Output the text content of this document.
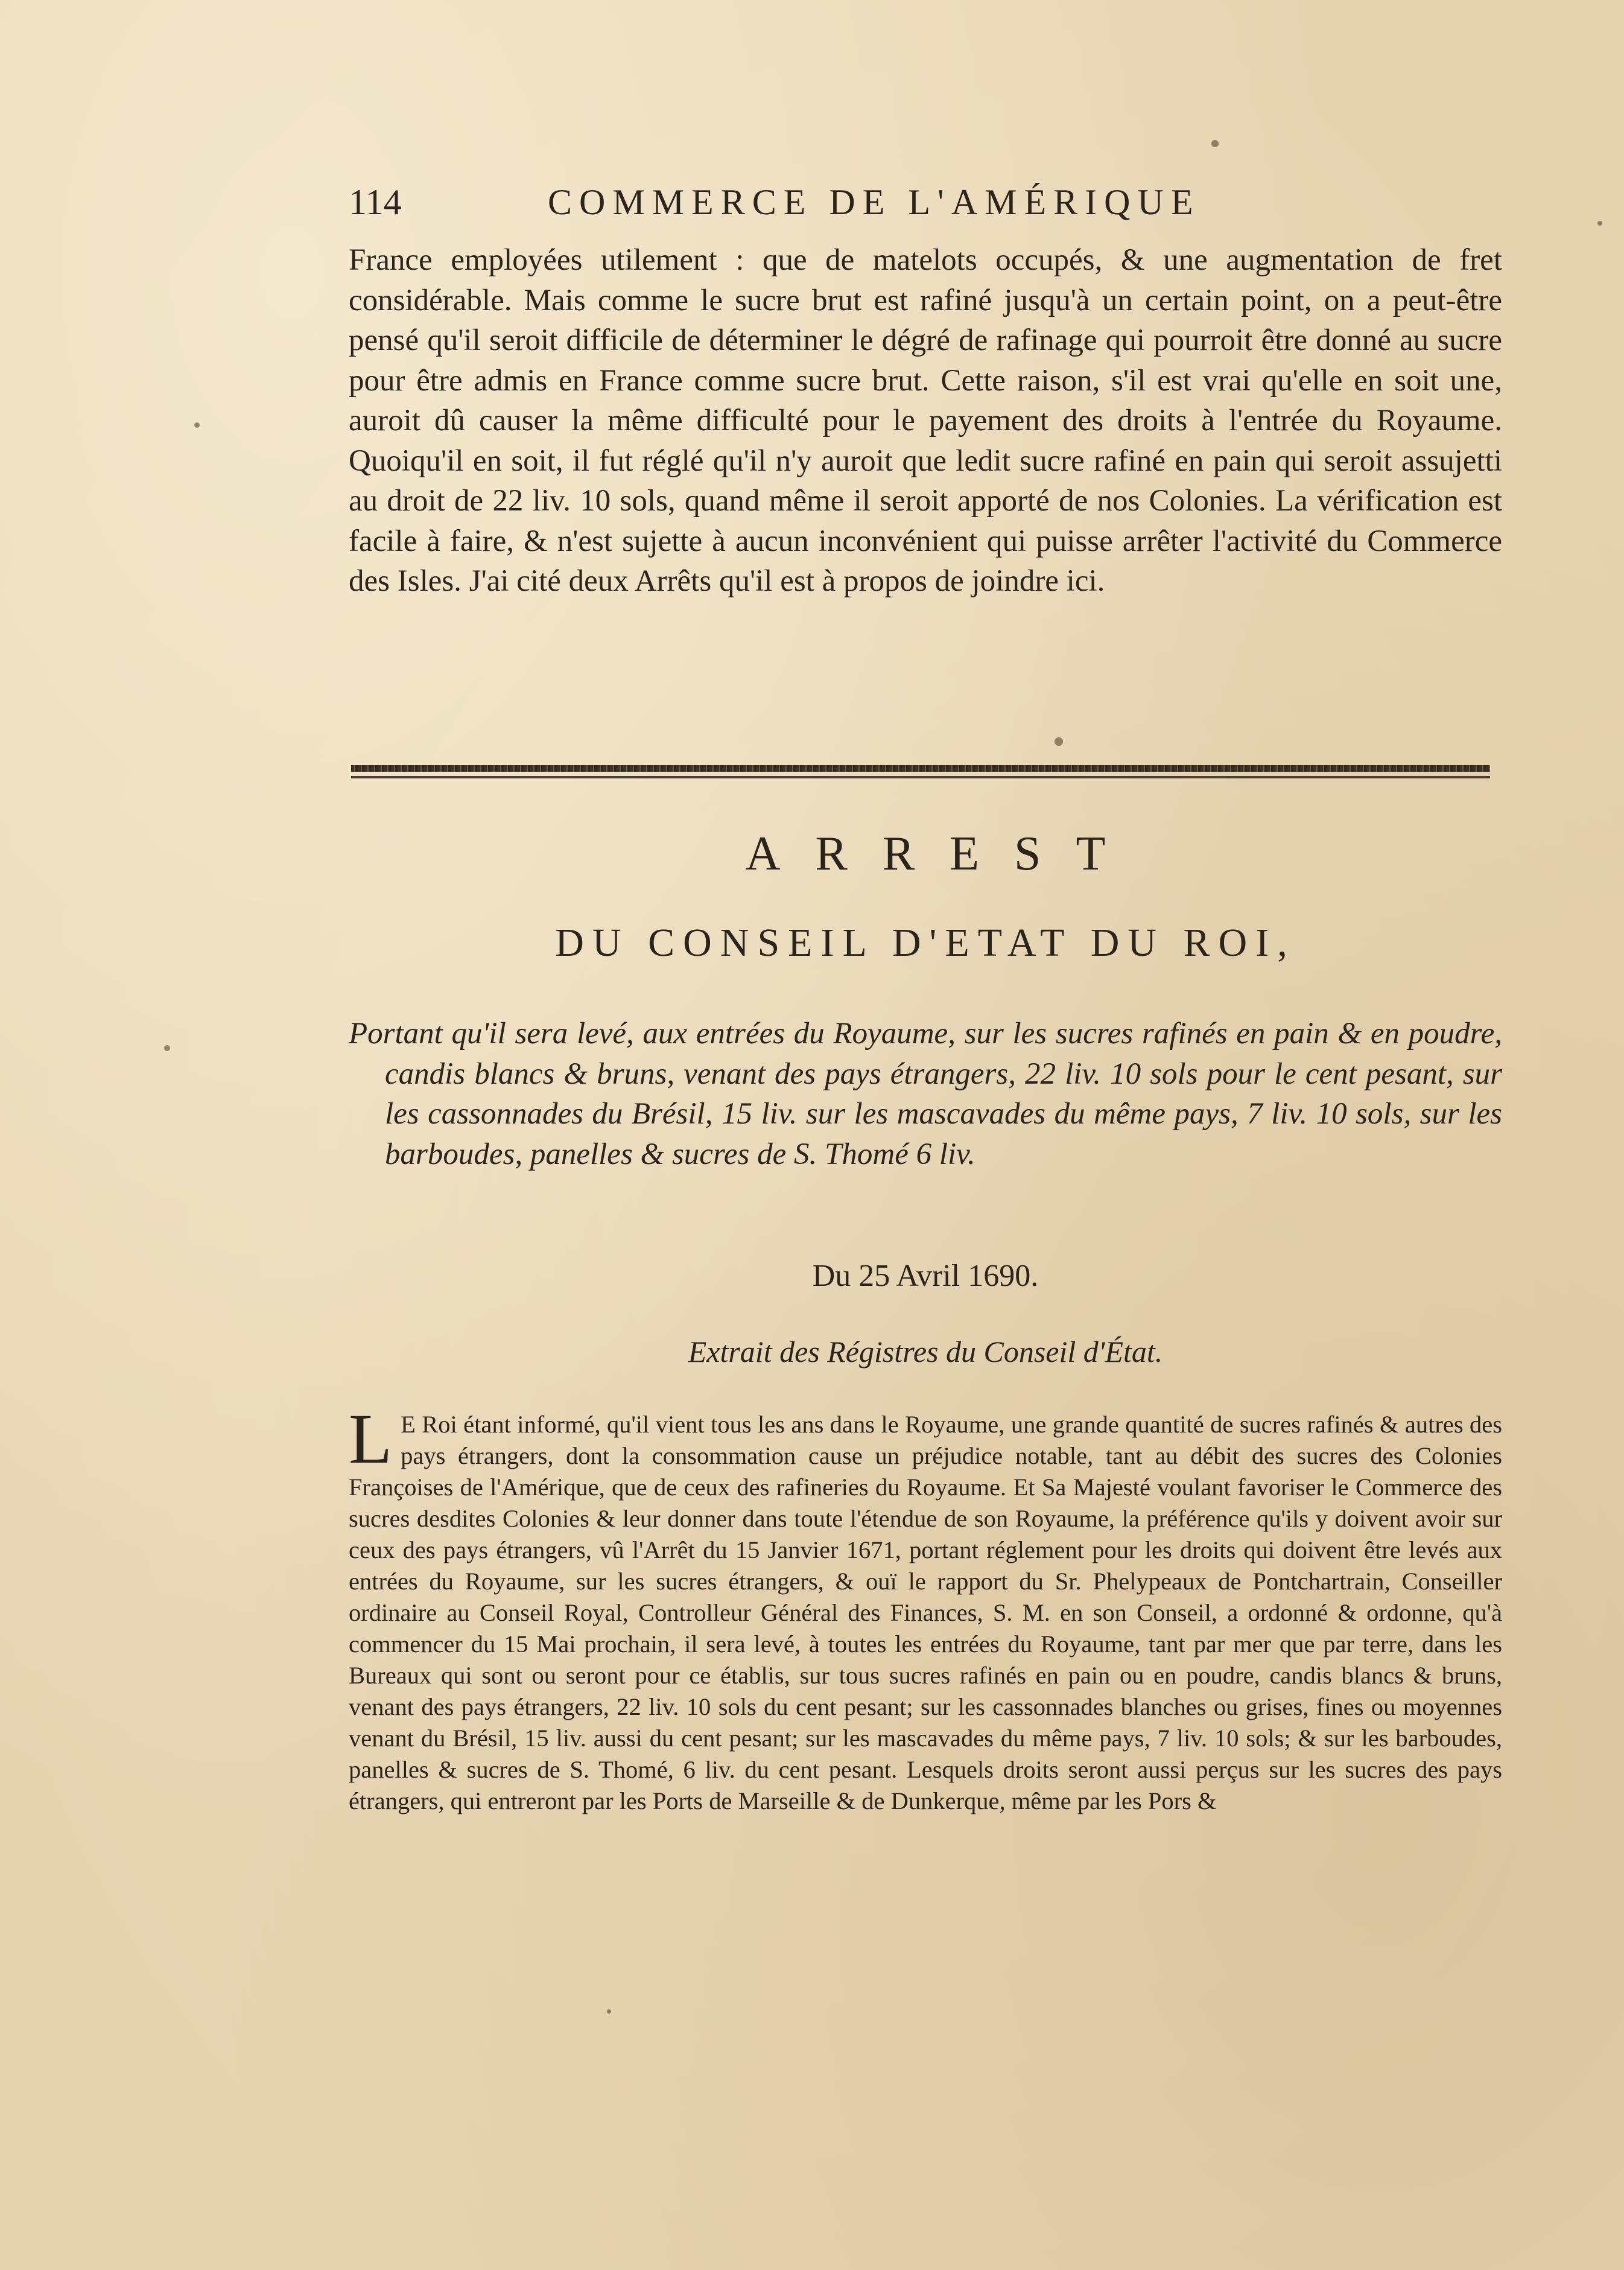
114	COMMERCE DE L'AMÉRIQUE
France employées utilement : que de matelots occupés, & une augmentation de fret considérable. Mais comme le sucre brut est rafiné jusqu'à un certain point, on a peut-être pensé qu'il seroit difficile de déterminer le dégré de rafinage qui pourroit être donné au sucre pour être admis en France comme sucre brut. Cette raison, s'il est vrai qu'elle en soit une, auroit dû causer la même difficulté pour le payement des droits à l'entrée du Royaume. Quoiqu'il en soit, il fut réglé qu'il n'y auroit que ledit sucre rafiné en pain qui seroit assujetti au droit de 22 liv. 10 sols, quand même il seroit apporté de nos Colonies. La vérification est facile à faire, & n'est sujette à aucun inconvénient qui puisse arrêter l'activité du Commerce des Isles. J'ai cité deux Arrêts qu'il est à propos de joindre ici.
ARREST
DU CONSEIL D'ETAT DU ROI,
Portant qu'il sera levé, aux entrées du Royaume, sur les sucres rafinés en pain & en poudre, candis blancs & bruns, venant des pays étrangers, 22 liv. 10 sols pour le cent pesant, sur les cassonnades du Brésil, 15 liv. sur les mascavades du même pays, 7 liv. 10 sols, sur les barboudes, panelles & sucres de S. Thomé 6 liv.
Du 25 Avril 1690.
Extrait des Régistres du Conseil d'État.
L E Roi étant informé, qu'il vient tous les ans dans le Royaume, une grande quantité de sucres rafinés & autres des pays étrangers, dont la consommation cause un préjudice notable, tant au débit des sucres des Colonies Françoises de l'Amérique, que de ceux des rafineries du Royaume. Et Sa Majesté voulant favoriser le Commerce des sucres desdites Colonies & leur donner dans toute l'étendue de son Royaume, la préférence qu'ils y doivent avoir sur ceux des pays étrangers, vû l'Arrêt du 15 Janvier 1671, portant réglement pour les droits qui doivent être levés aux entrées du Royaume, sur les sucres étrangers, & ouï le rapport du Sr. Phelypeaux de Pontchartrain, Conseiller ordinaire au Conseil Royal, Controlleur Général des Finances, S. M. en son Conseil, a ordonné & ordonne, qu'à commencer du 15 Mai prochain, il sera levé, à toutes les entrées du Royaume, tant par mer que par terre, dans les Bureaux qui sont ou seront pour ce établis, sur tous sucres rafinés en pain ou en poudre, candis blancs & bruns, venant des pays étrangers, 22 liv. 10 sols du cent pesant; sur les cassonnades blanches ou grises, fines ou moyennes venant du Brésil, 15 liv. aussi du cent pesant; sur les mascavades du même pays, 7 liv. 10 sols; & sur les barboudes, panelles & sucres de S. Thomé, 6 liv. du cent pesant. Lesquels droits seront aussi perçus sur les sucres des pays étrangers, qui entreront par les Ports de Marseille & de Dunkerque, même par les Pors &
